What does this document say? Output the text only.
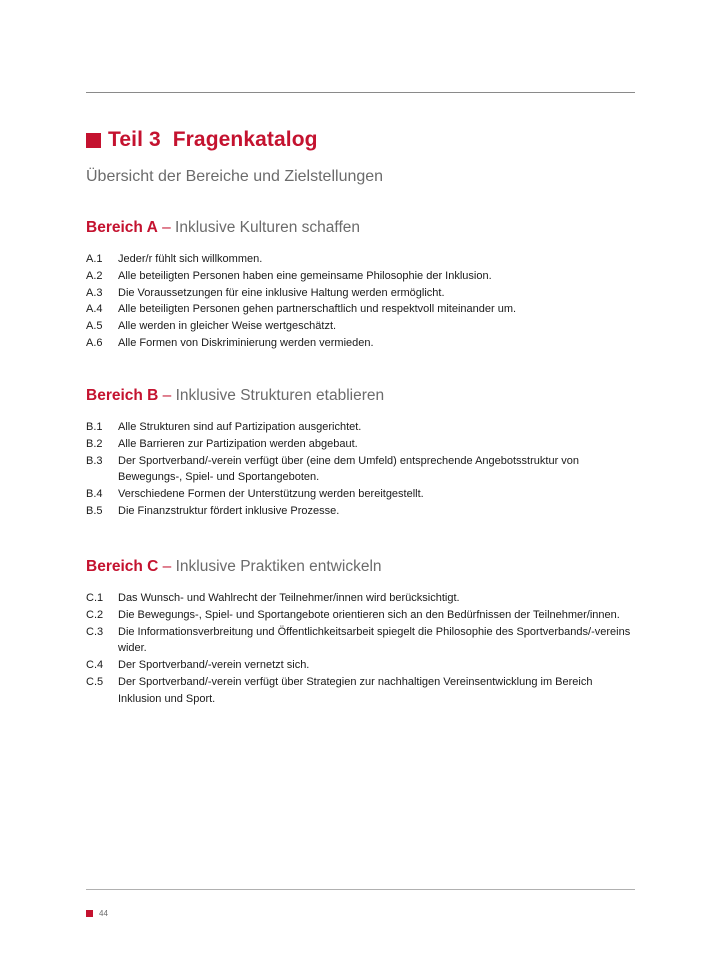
Teil 3 Fragenkatalog
Übersicht der Bereiche und Zielstellungen
Bereich A – Inklusive Kulturen schaffen
A.1	Jeder/r fühlt sich willkommen.
A.2	Alle beteiligten Personen haben eine gemeinsame Philosophie der Inklusion.
A.3	Die Voraussetzungen für eine inklusive Haltung werden ermöglicht.
A.4	Alle beteiligten Personen gehen partnerschaftlich und respektvoll miteinander um.
A.5	Alle werden in gleicher Weise wertgeschätzt.
A.6	Alle Formen von Diskriminierung werden vermieden.
Bereich B – Inklusive Strukturen etablieren
B.1	Alle Strukturen sind auf Partizipation ausgerichtet.
B.2	Alle Barrieren zur Partizipation werden abgebaut.
B.3	Der Sportverband/-verein verfügt über (eine dem Umfeld) entsprechende Angebotsstruktur von Bewegungs-, Spiel- und Sportangeboten.
B.4	Verschiedene Formen der Unterstützung werden bereitgestellt.
B.5	Die Finanzstruktur fördert inklusive Prozesse.
Bereich C – Inklusive Praktiken entwickeln
C.1	Das Wunsch- und Wahlrecht der Teilnehmer/innen wird berücksichtigt.
C.2	Die Bewegungs-, Spiel- und Sportangebote orientieren sich an den Bedürfnissen der Teilnehmer/innen.
C.3	Die Informationsverbreitung und Öffentlichkeitsarbeit spiegelt die Philosophie des Sportverbands/-vereins wider.
C.4	Der Sportverband/-verein vernetzt sich.
C.5	Der Sportverband/-verein verfügt über Strategien zur nachhaltigen Vereinsentwicklung im Bereich Inklusion und Sport.
44
